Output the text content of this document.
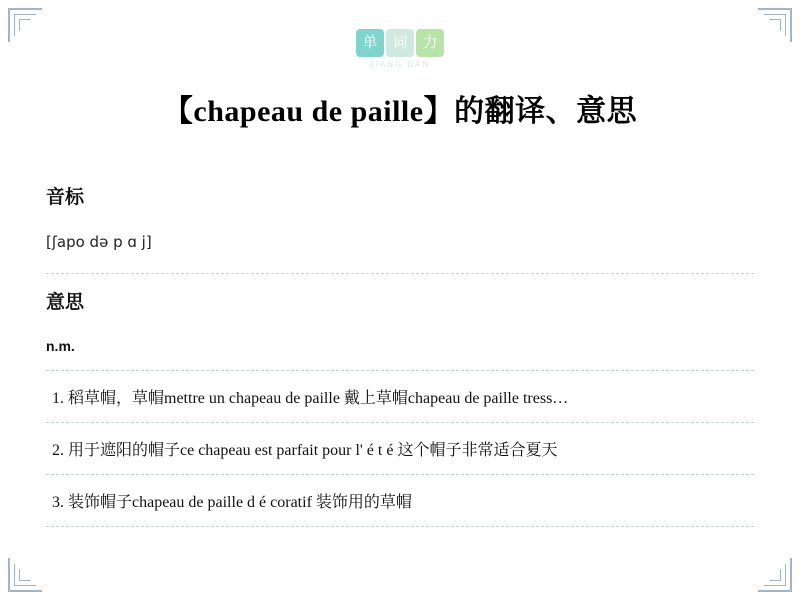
单 词 力
JIANG DAN
【chapeau de paille】的翻译、意思
音标

[ʃapo də p ɑ j]

意思

n.m.

1. 稻草帽，草帽mettre un chapeau de paille 戴上草帽chapeau de paille tress…
2. 用于遮阳的帽子ce chapeau est parfait pour l' é t é 这个帽子非常适合夏天
3. 装饰帽子chapeau de paille d é coratif 装饰用的草帽
